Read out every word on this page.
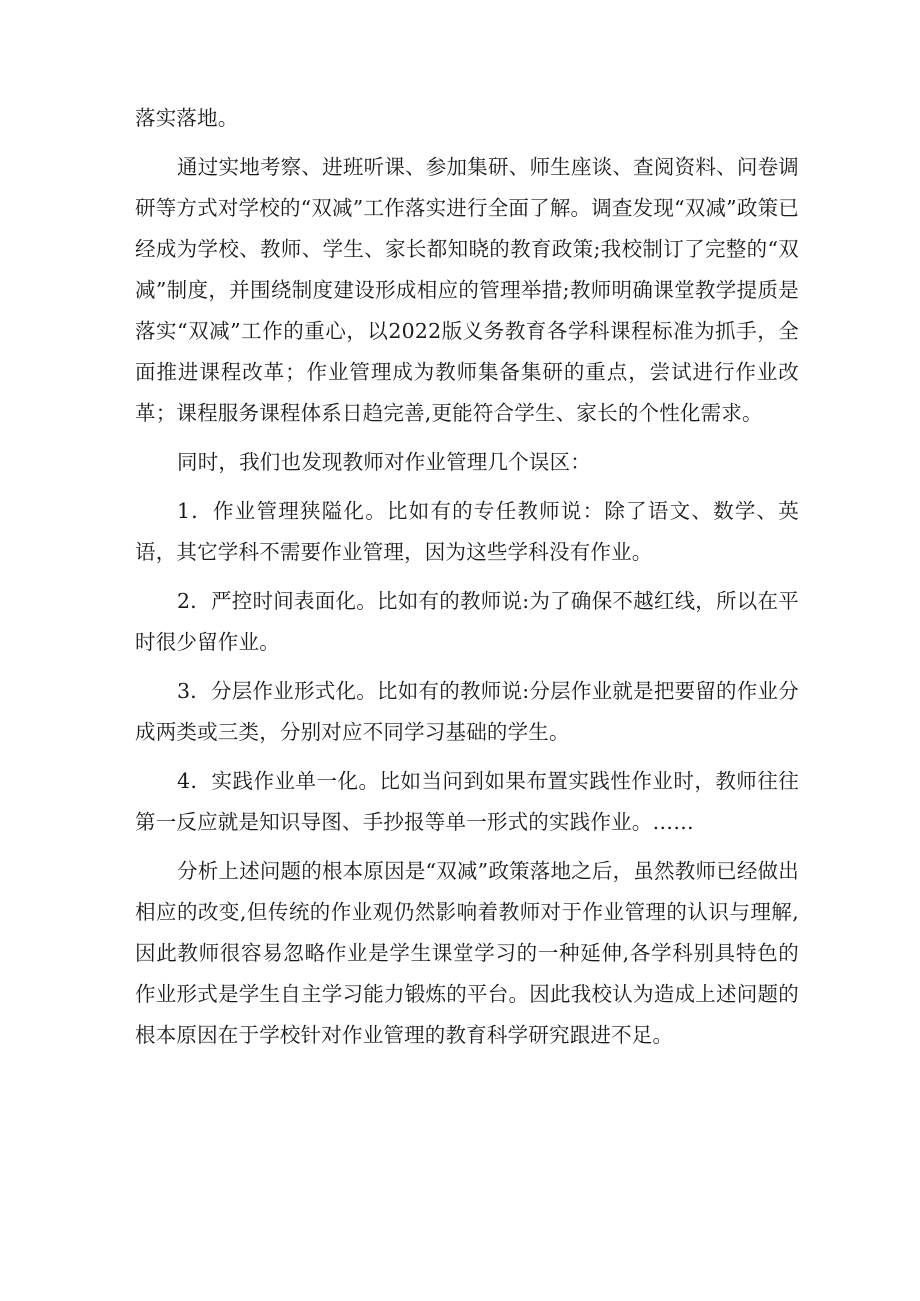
落实落地。

通过实地考察、进班听课、参加集研、师生座谈、查阅资料、问卷调研等方式对学校的“双减”工作落实进行全面了解。调查发现“双减”政策已经成为学校、教师、学生、家长都知晓的教育政策;我校制订了完整的“双减”制度，并围绕制度建设形成相应的管理举措;教师明确课堂教学提质是落实“双减”工作的重心，以2022版义务教育各学科课程标准为抓手，全面推进课程改革；作业管理成为教师集备集研的重点，尝试进行作业改革；课程服务课程体系日趋完善,更能符合学生、家长的个性化需求。

同时，我们也发现教师对作业管理几个误区：

1．作业管理狭隘化。比如有的专任教师说：除了语文、数学、英语，其它学科不需要作业管理，因为这些学科没有作业。

2．严控时间表面化。比如有的教师说:为了确保不越红线，所以在平时很少留作业。

3．分层作业形式化。比如有的教师说:分层作业就是把要留的作业分成两类或三类，分别对应不同学习基础的学生。

4．实践作业单一化。比如当问到如果布置实践性作业时，教师往往第一反应就是知识导图、手抄报等单一形式的实践作业。……

分析上述问题的根本原因是“双减”政策落地之后，虽然教师已经做出相应的改变,但传统的作业观仍然影响着教师对于作业管理的认识与理解,因此教师很容易忽略作业是学生课堂学习的一种延伸,各学科别具特色的作业形式是学生自主学习能力锻炼的平台。因此我校认为造成上述问题的根本原因在于学校针对作业管理的教育科学研究跟进不足。
